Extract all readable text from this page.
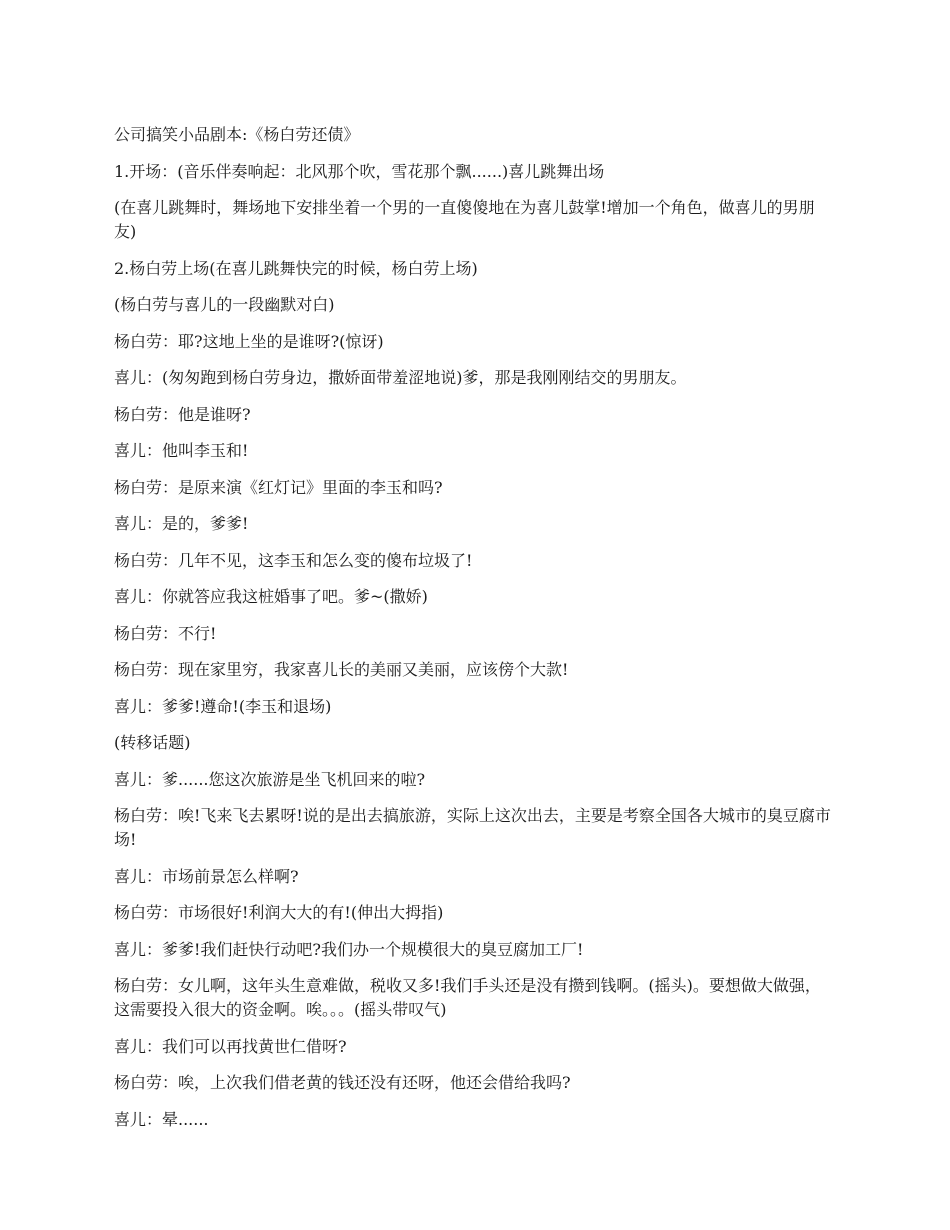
公司搞笑小品剧本:《杨白劳还债》

1.开场：(音乐伴奏响起：北风那个吹，雪花那个飘......)喜儿跳舞出场

(在喜儿跳舞时，舞场地下安排坐着一个男的一直傻傻地在为喜儿鼓掌!增加一个角色，做喜儿的男朋友)

2.杨白劳上场(在喜儿跳舞快完的时候，杨白劳上场)

(杨白劳与喜儿的一段幽默对白)

杨白劳：耶?这地上坐的是谁呀?(惊讶)

喜儿：(匆匆跑到杨白劳身边，撒娇面带羞涩地说)爹，那是我刚刚结交的男朋友。

杨白劳：他是谁呀?

喜儿：他叫李玉和!

杨白劳：是原来演《红灯记》里面的李玉和吗?

喜儿：是的，爹爹!

杨白劳：几年不见，这李玉和怎么变的傻布垃圾了!

喜儿：你就答应我这桩婚事了吧。爹~(撒娇)

杨白劳：不行!

杨白劳：现在家里穷，我家喜儿长的美丽又美丽，应该傍个大款!

喜儿：爹爹!遵命!(李玉和退场)

(转移话题)

喜儿：爹......您这次旅游是坐飞机回来的啦?

杨白劳：唉!飞来飞去累呀!说的是出去搞旅游，实际上这次出去，主要是考察全国各大城市的臭豆腐市场!

喜儿：市场前景怎么样啊?

杨白劳：市场很好!利润大大的有!(伸出大拇指)

喜儿：爹爹!我们赶快行动吧?我们办一个规模很大的臭豆腐加工厂!

杨白劳：女儿啊，这年头生意难做，税收又多!我们手头还是没有攒到钱啊。(摇头)。要想做大做强，这需要投入很大的资金啊。唉。。。(摇头带叹气)

喜儿：我们可以再找黄世仁借呀?

杨白劳：唉，上次我们借老黄的钱还没有还呀，他还会借给我吗?

喜儿：晕......
